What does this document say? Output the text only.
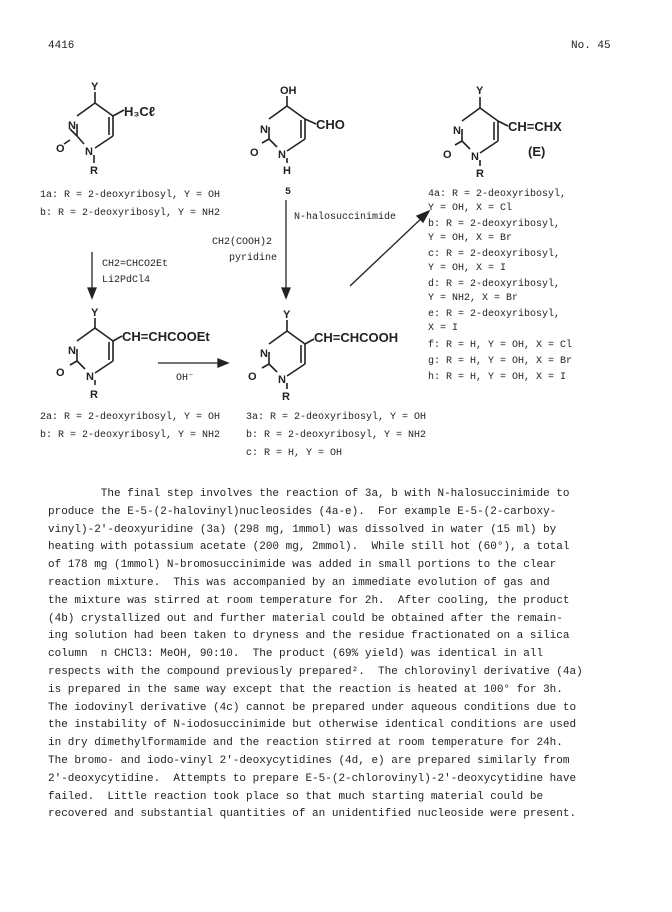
4416	No. 45
Y
N
O N
R
OH
N
O N
H
5
Y
N
O N
R
Y
N
O N
R
Y
N
O N
R
H₃Cℓ
CHO	CH=CHX
(E)
CH=CHCOOEt	CH=CHCOOH
CH2=CHCO2Et
Li2PdCl4
CH2(COOH)2
pyridine
N-halosuccinimide
OH⁻
1a: R = 2-deoxyribosyl, Y = OH
b: R = 2-deoxyribosyl, Y = NH2
4a: R = 2-deoxyribosyl,
Y = OH, X = Cl
b: R = 2-deoxyribosyl,
Y = OH, X = Br
c: R = 2-deoxyribosyl,
Y = OH, X = I
d: R = 2-deoxyribosyl,
Y = NH2, X = Br
e: R = 2-deoxyribosyl,
X = I
f: R = H, Y = OH, X = Cl
g: R = H, Y = OH, X = Br
h: R = H, Y = OH, X = I
2a: R = 2-deoxyribosyl, Y = OH
b: R = 2-deoxyribosyl, Y = NH2
3a: R = 2-deoxyribosyl, Y = OH
b: R = 2-deoxyribosyl, Y = NH2
c: R = H, Y = OH
The final step involves the reaction of 3a, b with N-halosuccinimide to
produce the E-5-(2-halovinyl)nucleosides (4a-e).  For example E-5-(2-carboxy-
vinyl)-2'-deoxyuridine (3a) (298 mg, 1mmol) was dissolved in water (15 ml) by
heating with potassium acetate (200 mg, 2mmol).  While still hot (60°), a total
of 178 mg (1mmol) N-bromosuccinimide was added in small portions to the clear
reaction mixture.  This was accompanied by an immediate evolution of gas and
the mixture was stirred at room temperature for 2h.  After cooling, the product
(4b) crystallized out and further material could be obtained after the remain-
ing solution had been taken to dryness and the residue fractionated on a silica
column  n CHCl3: MeOH, 90:10.  The product (69% yield) was identical in all
respects with the compound previously prepared².  The chlorovinyl derivative (4a)
is prepared in the same way except that the reaction is heated at 100° for 3h.
The iodovinyl derivative (4c) cannot be prepared under aqueous conditions due to
the instability of N-iodosuccinimide but otherwise identical conditions are used
in dry dimethylformamide and the reaction stirred at room temperature for 24h.
The bromo- and iodo-vinyl 2'-deoxycytidines (4d, e) are prepared similarly from
2'-deoxycytidine.  Attempts to prepare E-5-(2-chlorovinyl)-2'-deoxycytidine have
failed.  Little reaction took place so that much starting material could be
recovered and substantial quantities of an unidentified nucleoside were present.
